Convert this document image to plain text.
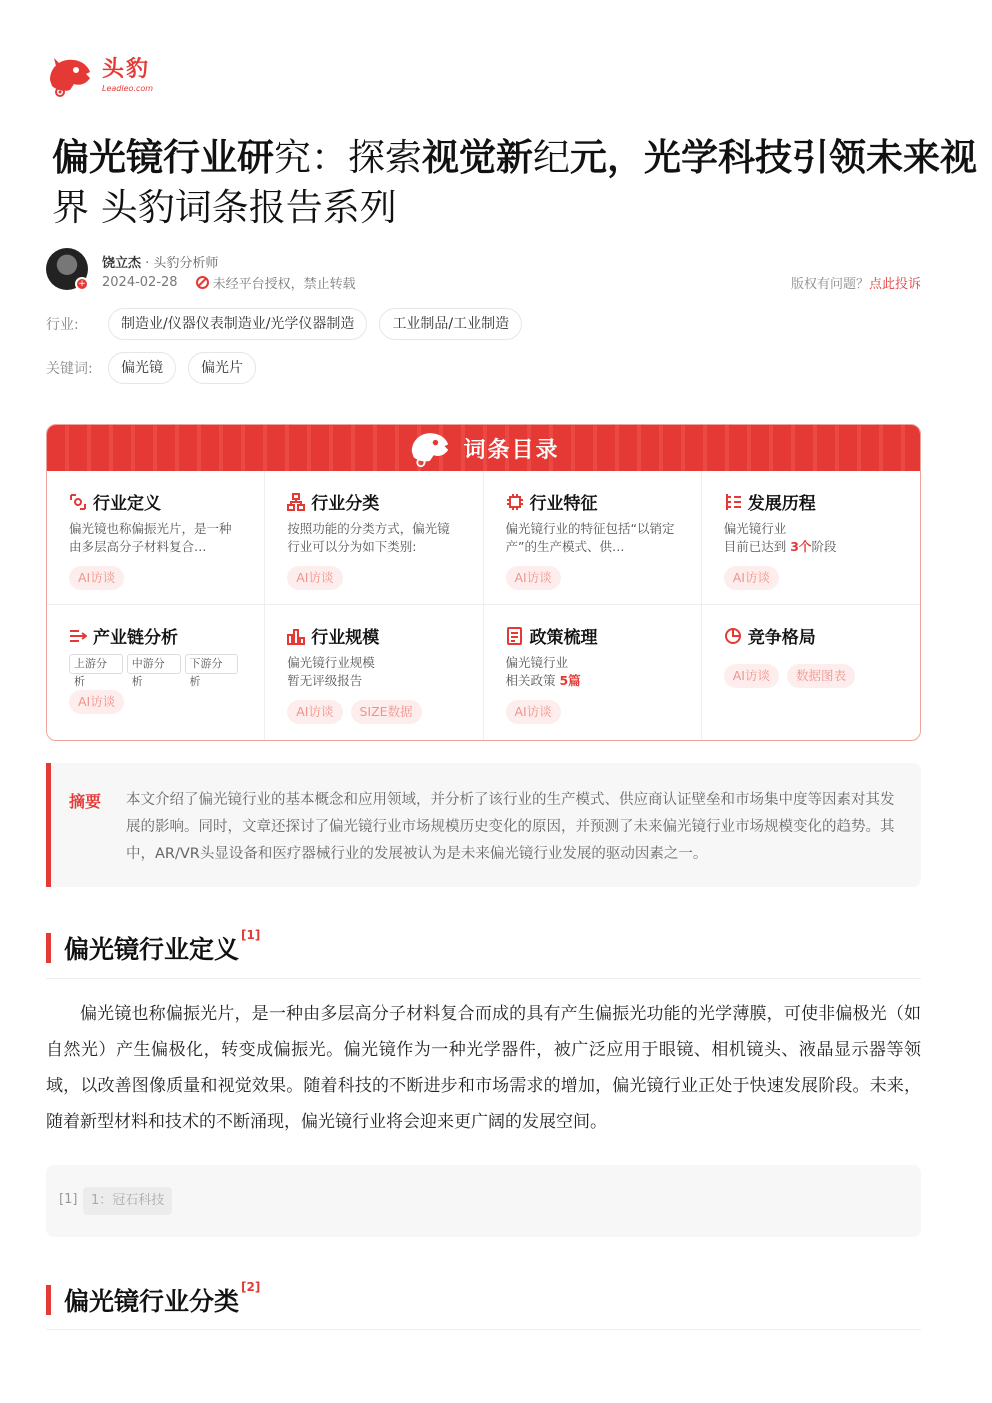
头豹
Leadleo.com
偏光镜行业研究：探索视觉新纪元，光学科技引领未来视界 头豹词条报告系列
+
饶立杰 · 头豹分析师
2024-02-28	未经平台授权，禁止转载	版权有问题？点此投诉
行业:	制造业/仪器仪表制造业/光学仪器制造	工业制品/工业制造
关键词:	偏光镜	偏光片
词条目录
行业定义
偏光镜也称偏振光片，是一种由多层高分子材料复合…
AI访谈
行业分类
按照功能的分类方式，偏光镜行业可以分为如下类别:
AI访谈
行业特征
偏光镜行业的特征包括“以销定产”的生产模式、供…
AI访谈
发展历程
偏光镜行业
目前已达到 3个阶段
AI访谈
产业链分析
上游分析
中游分析
下游分析
AI访谈
行业规模
偏光镜行业规模
暂无评级报告
AI访谈	SIZE数据
政策梳理
偏光镜行业
相关政策 5篇
AI访谈
竞争格局
AI访谈	数据图表
摘要 本文介绍了偏光镜行业的基本概念和应用领域，并分析了该行业的生产模式、供应商认证壁垒和市场集中度等因素对其发展的影响。同时，文章还探讨了偏光镜行业市场规模历史变化的原因，并预测了未来偏光镜行业市场规模变化的趋势。其中，AR/VR头显设备和医疗器械行业的发展被认为是未来偏光镜行业发展的驱动因素之一。
偏光镜行业定义 [1]

偏光镜也称偏振光片，是一种由多层高分子材料复合而成的具有产生偏振光功能的光学薄膜，可使非偏极光（如自然光）产生偏极化，转变成偏振光。偏光镜作为一种光学器件，被广泛应用于眼镜、相机镜头、液晶显示器等领域，以改善图像质量和视觉效果。随着科技的不断进步和市场需求的增加，偏光镜行业正处于快速发展阶段。未来，随着新型材料和技术的不断涌现，偏光镜行业将会迎来更广阔的发展空间。

[1]	1：冠石科技
偏光镜行业分类 [2]
